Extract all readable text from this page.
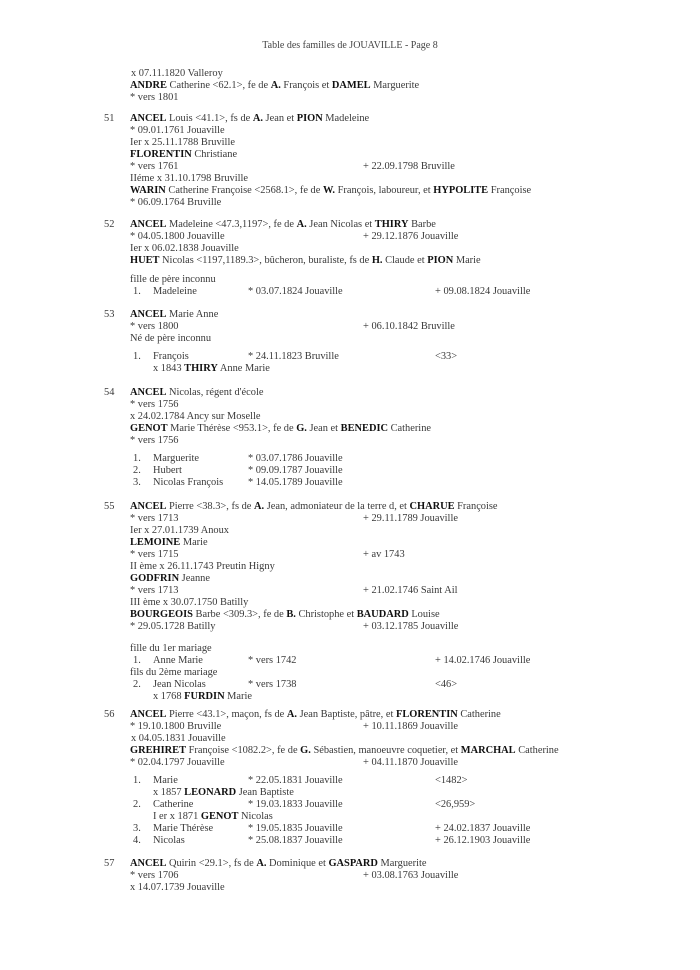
Table des familles de JOUAVILLE - Page 8
x 07.11.1820 Valleroy
ANDRE Catherine <62.1>, fe de A. François et DAMEL Marguerite
* vers 1801
51 ANCEL Louis <41.1>, fs de A. Jean et PION Madeleine
* 09.01.1761 Jouaville
Ier x 25.11.1788 Bruville
FLORENTIN Christiane
* vers 1761	+ 22.09.1798 Bruville
IIéme x 31.10.1798 Bruville
WARIN Catherine Françoise <2568.1>, fe de W. François, laboureur, et HYPOLITE Françoise
* 06.09.1764 Bruville
52 ANCEL Madeleine <47.3,1197>, fe de A. Jean Nicolas et THIRY Barbe
* 04.05.1800 Jouaville	+ 29.12.1876 Jouaville
Ier x 06.02.1838 Jouaville
HUET Nicolas <1197,1189.3>, bûcheron, buraliste, fs de H. Claude et PION Marie
fille de père inconnu
1. Madeleine	* 03.07.1824 Jouaville	+ 09.08.1824 Jouaville
53 ANCEL Marie Anne
* vers 1800	+ 06.10.1842 Bruville
Né de père inconnu
1. François	* 24.11.1823 Bruville	<33>
x 1843 THIRY Anne Marie
54 ANCEL Nicolas, régent d'école
* vers 1756
x 24.02.1784 Ancy sur Moselle
GENOT Marie Thérèse <953.1>, fe de G. Jean et BENEDIC Catherine
* vers 1756
1. Marguerite	* 03.07.1786 Jouaville
2. Hubert	* 09.09.1787 Jouaville
3. Nicolas François * 14.05.1789 Jouaville
55 ANCEL Pierre <38.3>, fs de A. Jean, admoniateur de la terre d, et CHARUE Françoise
* vers 1713	+ 29.11.1789 Jouaville
Ier x 27.01.1739 Anoux
LEMOINE Marie
* vers 1715	+ av 1743
II ème x 26.11.1743 Preutin Higny
GODFRIN Jeanne
* vers 1713	+ 21.02.1746 Saint Ail
III ème x 30.07.1750 Batilly
BOURGEOIS Barbe <309.3>, fe de B. Christophe et BAUDARD Louise
* 29.05.1728 Batilly	+ 03.12.1785 Jouaville
fille du 1er mariage
1. Anne Marie	* vers 1742	+ 14.02.1746 Jouaville
fils du 2ème mariage
2. Jean Nicolas	* vers 1738	<46>
x 1768 FURDIN Marie
56 ANCEL Pierre <43.1>, maçon, fs de A. Jean Baptiste, pâtre, et FLORENTIN Catherine
* 19.10.1800 Bruville	+ 10.11.1869 Jouaville
x 04.05.1831 Jouaville
GREHIRET Françoise <1082.2>, fe de G. Sébastien, manoeuvre coquetier, et MARCHAL Catherine
* 02.04.1797 Jouaville	+ 04.11.1870 Jouaville
1. Marie	* 22.05.1831 Jouaville	<1482>
x 1857 LEONARD Jean Baptiste
2. Catherine	* 19.03.1833 Jouaville	<26,959>
I er x 1871 GENOT Nicolas
3. Marie Thérèse	* 19.05.1835 Jouaville	+ 24.02.1837 Jouaville
4. Nicolas	* 25.08.1837 Jouaville	+ 26.12.1903 Jouaville
57 ANCEL Quirin <29.1>, fs de A. Dominique et GASPARD Marguerite
* vers 1706	+ 03.08.1763 Jouaville
x 14.07.1739 Jouaville
